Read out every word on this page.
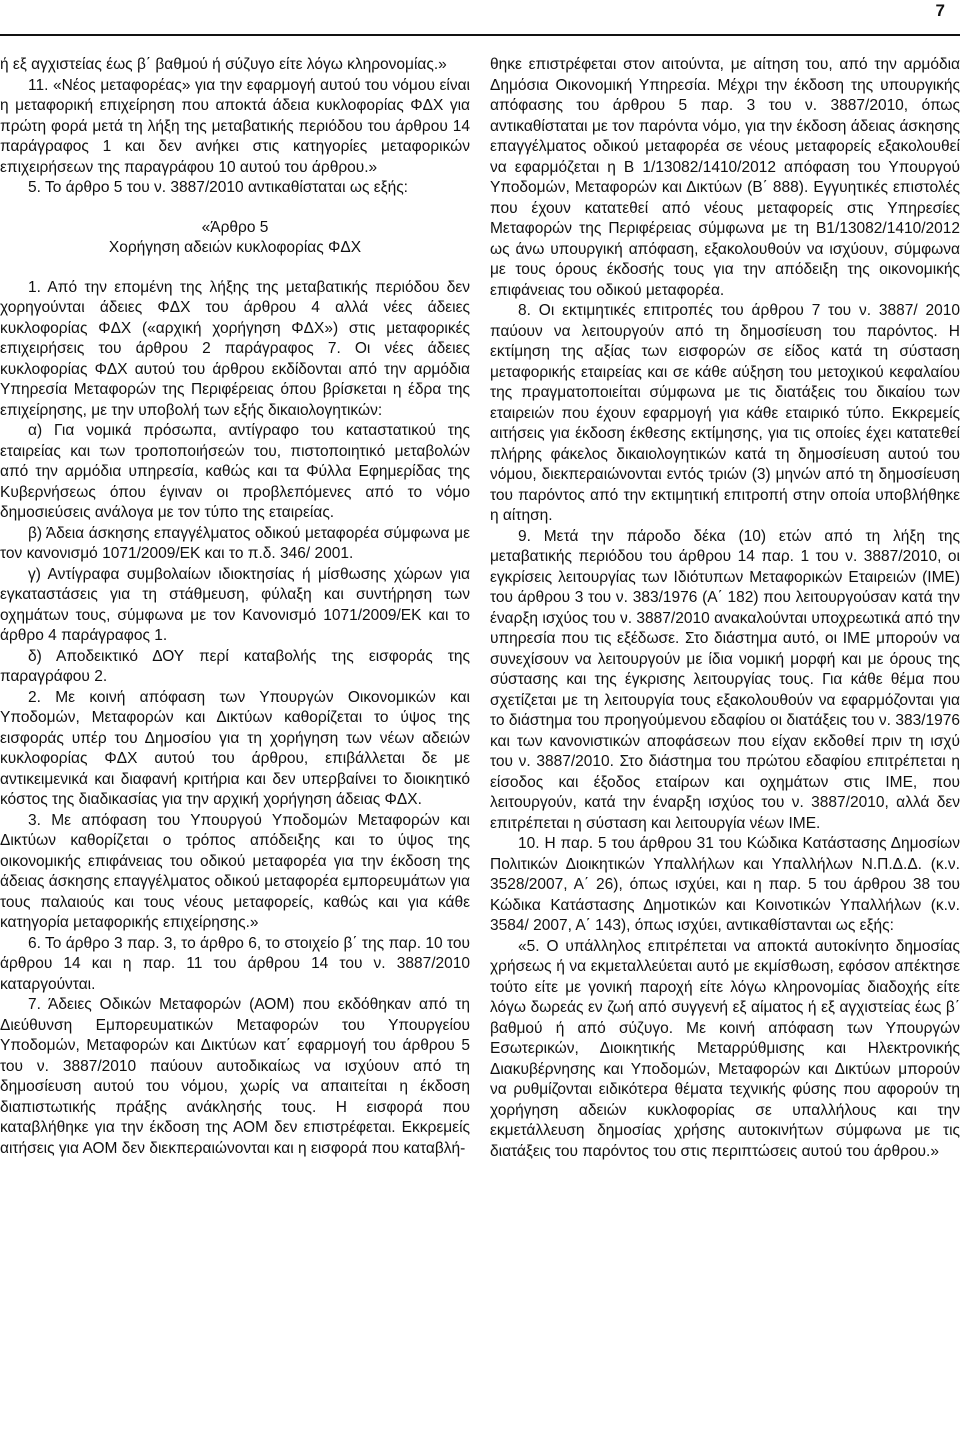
7

ή εξ αγχιστείας έως β΄ βαθμού ή σύζυγο είτε λόγω κληρονομίας.»

11. «Νέος μεταφορέας» για την εφαρμογή αυτού του νόμου είναι η μεταφορική επιχείρηση που αποκτά άδεια κυκλοφορίας ΦΔΧ για πρώτη φορά μετά τη λήξη της μεταβατικής περιόδου του άρθρου 14 παράγραφος 1 και δεν ανήκει στις κατηγορίες μεταφορικών επιχειρήσεων της παραγράφου 10 αυτού του άρθρου.»

5. Το άρθρο 5 του ν. 3887/2010 αντικαθίσταται ως εξής:

«Άρθρο 5

Χορήγηση αδειών κυκλοφορίας ΦΔΧ

1. Από την επομένη της λήξης της μεταβατικής περιόδου δεν χορηγούνται άδειες ΦΔΧ του άρθρου 4 αλλά νέες άδειες κυκλοφορίας ΦΔΧ («αρχική χορήγηση ΦΔΧ») στις μεταφορικές επιχειρήσεις του άρθρου 2 παράγραφος 7. Οι νέες άδειες κυκλοφορίας ΦΔΧ αυτού του άρθρου εκδίδονται από την αρμόδια Υπηρεσία Μεταφορών της Περιφέρειας όπου βρίσκεται η έδρα της επιχείρησης, με την υποβολή των εξής δικαιολογητικών:

α) Για νομικά πρόσωπα, αντίγραφο του καταστατικού της εταιρείας και των τροποποιήσεών του, πιστοποιητικό μεταβολών από την αρμόδια υπηρεσία, καθώς και τα Φύλλα Εφημερίδας της Κυβερνήσεως όπου έγιναν οι προβλεπόμενες από το νόμο δημοσιεύσεις ανάλογα με τον τύπο της εταιρείας.

β) Άδεια άσκησης επαγγέλματος οδικού μεταφορέα σύμφωνα με τον κανονισμό 1071/2009/ΕΚ και το π.δ. 346/ 2001.

γ) Αντίγραφα συμβολαίων ιδιοκτησίας ή μίσθωσης χώρων για εγκαταστάσεις για τη στάθμευση, φύλαξη και συντήρηση των οχημάτων τους, σύμφωνα με τον Κανονισμό 1071/2009/ΕΚ και το άρθρο 4 παράγραφος 1.

δ) Αποδεικτικό ΔΟΥ περί καταβολής της εισφοράς της παραγράφου 2.

2. Με κοινή απόφαση των Υπουργών Οικονομικών και Υποδομών, Μεταφορών και Δικτύων καθορίζεται το ύψος της εισφοράς υπέρ του Δημοσίου για τη χορήγηση των νέων αδειών κυκλοφορίας ΦΔΧ αυτού του άρθρου, επιβάλλεται δε με αντικειμενικά και διαφανή κριτήρια και δεν υπερβαίνει το διοικητικό κόστος της διαδικασίας για την αρχική χορήγηση άδειας ΦΔΧ.

3. Με απόφαση του Υπουργού Υποδομών Μεταφορών και Δικτύων καθορίζεται ο τρόπος απόδειξης και το ύψος της οικονομικής επιφάνειας του οδικού μεταφορέα για την έκδοση της άδειας άσκησης επαγγέλματος οδικού μεταφορέα εμπορευμάτων για τους παλαιούς και τους νέους μεταφορείς, καθώς και για κάθε κατηγορία μεταφορικής επιχείρησης.»

6. Το άρθρο 3 παρ. 3, το άρθρο 6, το στοιχείο β΄ της παρ. 10 του άρθρου 14 και η παρ. 11 του άρθρου 14 του ν. 3887/2010 καταργούνται.

7. Άδειες Οδικών Μεταφορών (ΑΟΜ) που εκδόθηκαν από τη Διεύθυνση Εμπορευματικών Μεταφορών του Υπουργείου Υποδομών, Μεταφορών και Δικτύων κατ΄ εφαρμογή του άρθρου 5 του ν. 3887/2010 παύουν αυτοδικαίως να ισχύουν από τη δημοσίευση αυτού του νόμου, χωρίς να απαιτείται η έκδοση διαπιστωτικής πράξης ανάκλησής τους. Η εισφορά που καταβλήθηκε για την έκδοση της ΑΟΜ δεν επιστρέφεται. Εκκρεμείς αιτήσεις για ΑΟΜ δεν διεκπεραιώνονται και η εισφορά που καταβλή-

θηκε επιστρέφεται στον αιτούντα, με αίτηση του, από την αρμόδια Δημόσια Οικονομική Υπηρεσία. Μέχρι την έκδοση της υπουργικής απόφασης του άρθρου 5 παρ. 3 του ν. 3887/2010, όπως αντικαθίσταται με τον παρόντα νόμο, για την έκδοση άδειας άσκησης επαγγέλματος οδικού μεταφορέα σε νέους μεταφορείς εξακολουθεί να εφαρμόζεται η Β 1/13082/1410/2012 απόφαση του Υπουργού Υποδομών, Μεταφορών και Δικτύων (Β΄ 888). Εγγυητικές επιστολές που έχουν κατατεθεί από νέους μεταφορείς στις Υπηρεσίες Μεταφορών της Περιφέρειας σύμφωνα με τη Β1/13082/1410/2012 ως άνω υπουργική απόφαση, εξακολουθούν να ισχύουν, σύμφωνα με τους όρους έκδοσής τους για την απόδειξη της οικονομικής επιφάνειας του οδικού μεταφορέα.

8. Οι εκτιμητικές επιτροπές του άρθρου 7 του ν. 3887/ 2010 παύουν να λειτουργούν από τη δημοσίευση του παρόντος. Η εκτίμηση της αξίας των εισφορών σε είδος κατά τη σύσταση μεταφορικής εταιρείας και σε κάθε αύξηση του μετοχικού κεφαλαίου της πραγματοποιείται σύμφωνα με τις διατάξεις του δικαίου των εταιρειών που έχουν εφαρμογή για κάθε εταιρικό τύπο. Εκκρεμείς αιτήσεις για έκδοση έκθεσης εκτίμησης, για τις οποίες έχει κατατεθεί πλήρης φάκελος δικαιολογητικών κατά τη δημοσίευση αυτού του νόμου, διεκπεραιώνονται εντός τριών (3) μηνών από τη δημοσίευση του παρόντος από την εκτιμητική επιτροπή στην οποία υποβλήθηκε η αίτηση.

9. Μετά την πάροδο δέκα (10) ετών από τη λήξη της μεταβατικής περιόδου του άρθρου 14 παρ. 1 του ν. 3887/2010, οι εγκρίσεις λειτουργίας των Ιδιότυπων Μεταφορικών Εταιρειών (ΙΜΕ) του άρθρου 3 του ν. 383/1976 (Α΄ 182) που λειτουργούσαν κατά την έναρξη ισχύος του ν. 3887/2010 ανακαλούνται υποχρεωτικά από την υπηρεσία που τις εξέδωσε. Στο διάστημα αυτό, οι ΙΜΕ μπορούν να συνεχίσουν να λειτουργούν με ίδια νομική μορφή και με όρους της σύστασης και της έγκρισης λειτουργίας τους. Για κάθε θέμα που σχετίζεται με τη λειτουργία τους εξακολουθούν να εφαρμόζονται για το διάστημα του προηγούμενου εδαφίου οι διατάξεις του ν. 383/1976 και των κανονιστικών αποφάσεων που είχαν εκδοθεί πριν τη ισχύ του ν. 3887/2010. Στο διάστημα του πρώτου εδαφίου επιτρέπεται η είσοδος και έξοδος εταίρων και οχημάτων στις ΙΜΕ, που λειτουργούν, κατά την έναρξη ισχύος του ν. 3887/2010, αλλά δεν επιτρέπεται η σύσταση και λειτουργία νέων ΙΜΕ.

10. Η παρ. 5 του άρθρου 31 του Κώδικα Κατάστασης Δημοσίων Πολιτικών Διοικητικών Υπαλλήλων και Υπαλλήλων Ν.Π.Δ.Δ. (κ.ν. 3528/2007, Α΄ 26), όπως ισχύει, και η παρ. 5 του άρθρου 38 του Κώδικα Κατάστασης Δημοτικών και Κοινοτικών Υπαλλήλων (κ.ν. 3584/ 2007, Α΄ 143), όπως ισχύει, αντικαθίστανται ως εξής:

«5. Ο υπάλληλος επιτρέπεται να αποκτά αυτοκίνητο δημοσίας χρήσεως ή να εκμεταλλεύεται αυτό με εκμίσθωση, εφόσον απέκτησε τούτο είτε με γονική παροχή είτε λόγω κληρονομίας διαδοχής είτε λόγω δωρεάς εν ζωή από συγγενή εξ αίματος ή εξ αγχιστείας έως β΄ βαθμού ή από σύζυγο. Με κοινή απόφαση των Υπουργών Εσωτερικών, Διοικητικής Μεταρρύθμισης και Ηλεκτρονικής Διακυβέρνησης και Υποδομών, Μεταφορών και Δικτύων μπορούν να ρυθμίζονται ειδικότερα θέματα τεχνικής φύσης που αφορούν τη χορήγηση αδειών κυκλοφορίας σε υπαλλήλους και την εκμετάλλευση δημοσίας χρήσης αυτοκινήτων σύμφωνα με τις διατάξεις του παρόντος του στις περιπτώσεις αυτού του άρθρου.»
